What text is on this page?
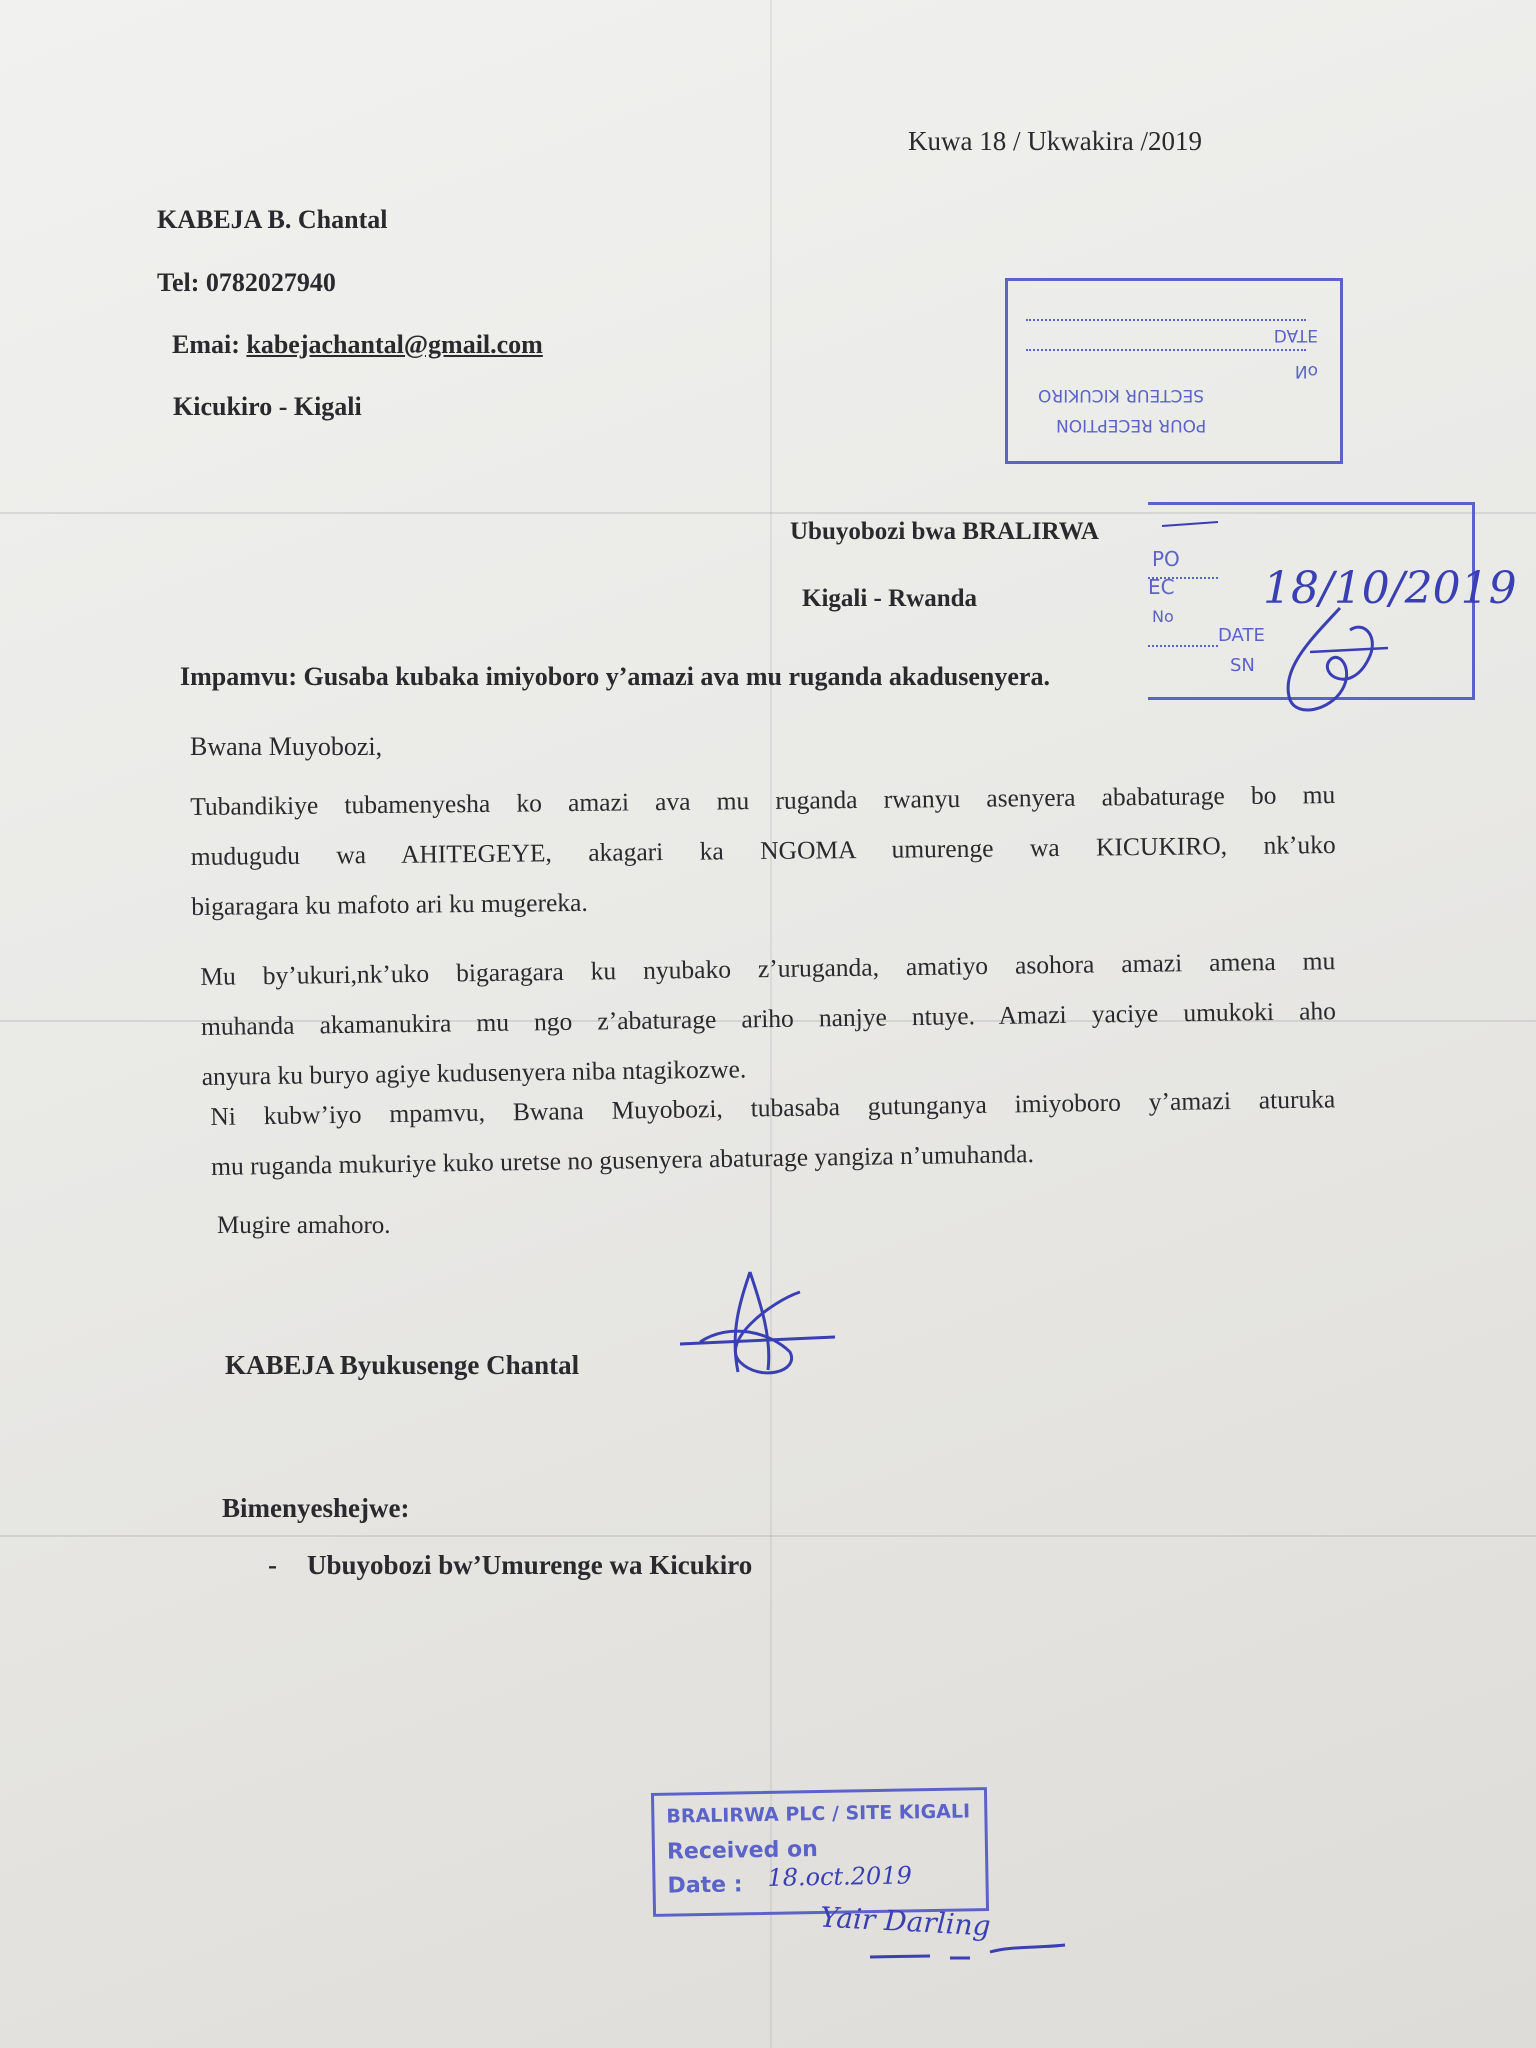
Kuwa 18 / Ukwakira /2019
KABEJA B. Chantal
Tel: 0782027940
Emai: kabejachantal@gmail.com
Kicukiro - Kigali
DATE
No
SECTEUR KICUKIRO
POUR RECEPTION
Ubuyobozi bwa BRALIRWA
Kigali - Rwanda
PO
EC
No
DATE
SN
18/10/2019
Impamvu: Gusaba kubaka imiyoboro y’amazi ava mu ruganda akadusenyera.
Bwana Muyobozi,
Tubandikiye tubamenyesha ko amazi ava mu ruganda rwanyu asenyera ababaturage bo mu
mudugudu wa AHITEGEYE, akagari ka NGOMA umurenge wa KICUKIRO, nk’uko
bigaragara ku mafoto ari ku mugereka.
Mu by’ukuri,nk’uko bigaragara ku nyubako z’uruganda, amatiyo asohora amazi amena mu
muhanda akamanukira mu ngo z’abaturage ariho nanjye ntuye. Amazi yaciye umukoki aho
anyura ku buryo agiye kudusenyera niba ntagikozwe.
Ni kubw’iyo mpamvu, Bwana Muyobozi, tubasaba gutunganya imiyoboro y’amazi aturuka
mu ruganda mukuriye kuko uretse no gusenyera abaturage yangiza n’umuhanda.
Mugire amahoro.
KABEJA Byukusenge Chantal
Bimenyeshejwe:
- Ubuyobozi bw’Umurenge wa Kicukiro
BRALIRWA PLC / SITE KIGALI
Received on
Date : 18.oct.2019
Yair Darling
